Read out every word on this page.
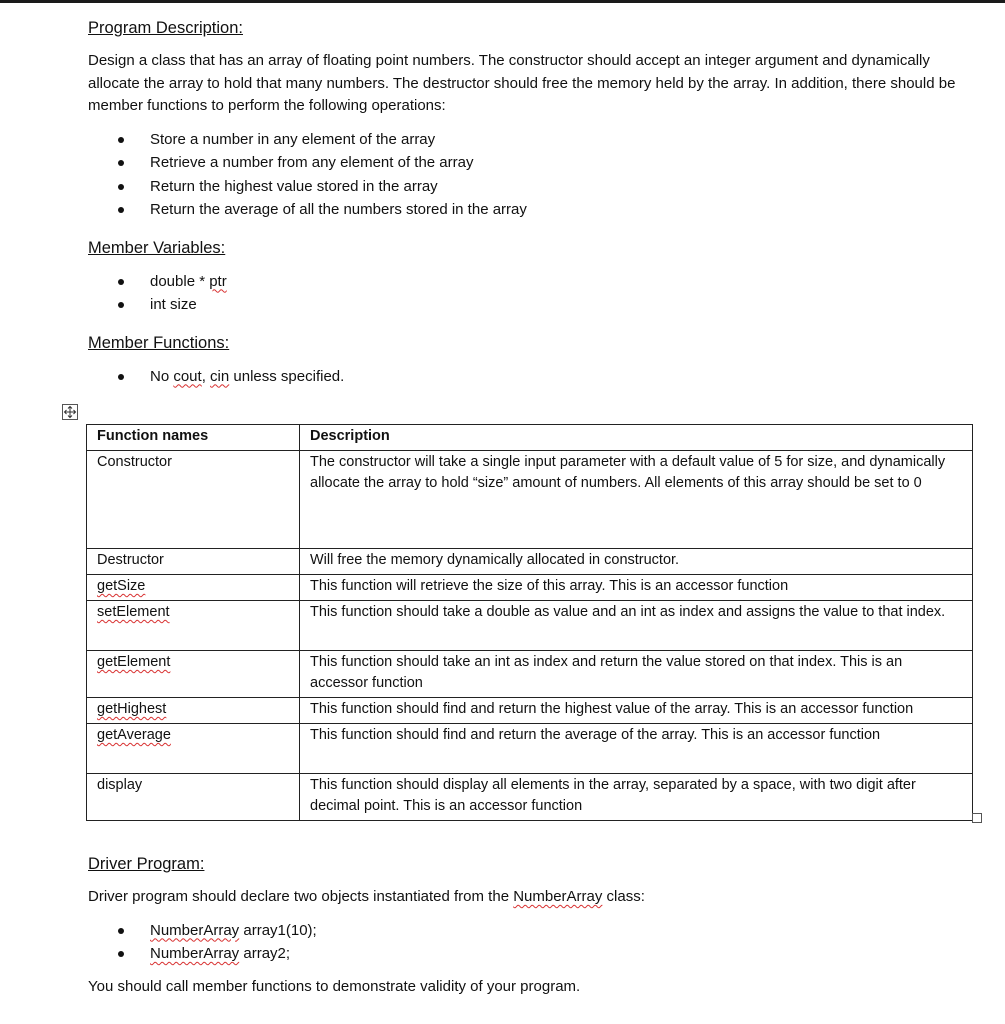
Program Description:

Design a class that has an array of floating point numbers. The constructor should accept an integer argument and dynamically allocate the array to hold that many numbers. The destructor should free the memory held by the array. In addition, there should be member functions to perform the following operations:

Store a number in any element of the array
Retrieve a number from any element of the array
Return the highest value stored in the array
Return the average of all the numbers stored in the array
Member Variables:
double * ptr
int size
Member Functions:
No cout, cin unless specified.
Function names	Description
Constructor	The constructor will take a single input parameter with a default value of 5 for size, and dynamically allocate the array to hold “size” amount of numbers. All elements of this array should be set to 0
Destructor	Will free the memory dynamically allocated in constructor.
getSize	This function will retrieve the size of this array. This is an accessor function
setElement	This function should take a double as value and an int as index and assigns the value to that index.
getElement	This function should take an int as index and return the value stored on that index. This is an accessor function
getHighest	This function should find and return the highest value of the array. This is an accessor function
getAverage	This function should find and return the average of the array. This is an accessor function
display	This function should display all elements in the array, separated by a space, with two digit after decimal point. This is an accessor function
Driver Program:

Driver program should declare two objects instantiated from the NumberArray class:

NumberArray array1(10);
NumberArray array2;

You should call member functions to demonstrate validity of your program.
